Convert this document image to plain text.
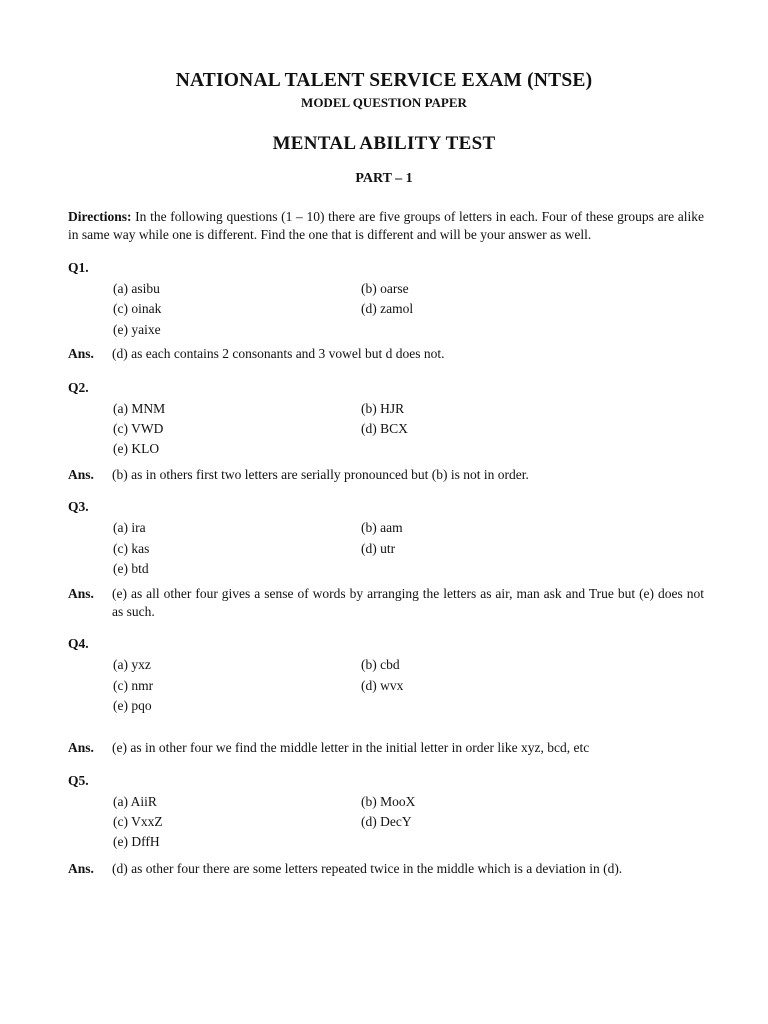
NATIONAL TALENT SERVICE EXAM (NTSE)
MODEL QUESTION PAPER
MENTAL ABILITY TEST
PART – 1
Directions: In the following questions (1 – 10) there are five groups of letters in each. Four of these groups are alike in same way while one is different. Find the one that is different and will be your answer as well.
Q1.
(a) asibu	(b) oarse
(c) oinak	(d) zamol
(e) yaixe
Ans. (d) as each contains 2 consonants and 3 vowel but d does not.
Q2.
(a) MNM	(b) HJR
(c) VWD	(d) BCX
(e) KLO
Ans. (b) as in others first two letters are serially pronounced but (b) is not in order.
Q3.
(a) ira	(b) aam
(c) kas	(d) utr
(e) btd
Ans. (e) as all other four gives a sense of words by arranging the letters as air, man ask and True but (e) does not as such.
Q4.
(a) yxz	(b) cbd
(c) nmr	(d) wvx
(e) pqo
Ans. (e) as in other four we find the middle letter in the initial letter in order like xyz, bcd, etc
Q5.
(a) AiiR	(b) MooX
(c) VxxZ	(d) DecY
(e) DffH
Ans. (d) as other four there are some letters repeated twice in the middle which is a deviation in (d).
